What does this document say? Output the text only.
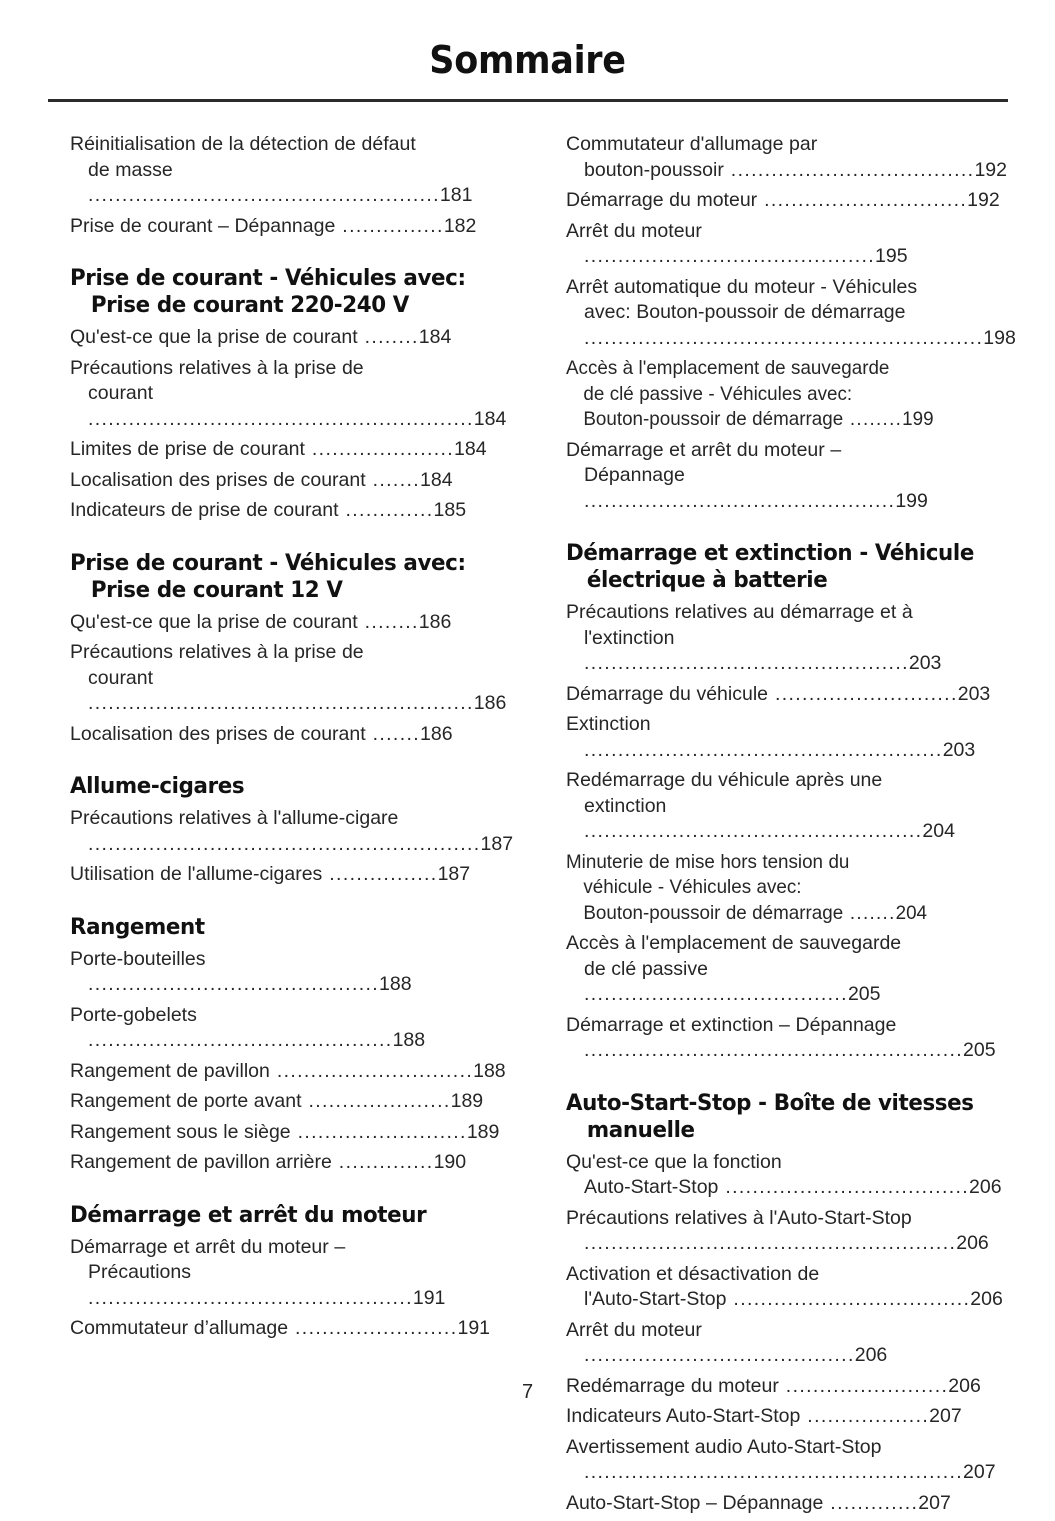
Sommaire
Réinitialisation de la détection de défaut
de masse ....................................................181
Prise de courant – Dépannage ...............182
Prise de courant - Véhicules avec: Prise de courant 220-240 V
Qu'est-ce que la prise de courant ........184
Précautions relatives à la prise de
courant .........................................................184
Limites de prise de courant .....................184
Localisation des prises de courant .......184
Indicateurs de prise de courant .............185
Prise de courant - Véhicules avec: Prise de courant 12 V
Qu'est-ce que la prise de courant ........186
Précautions relatives à la prise de
courant .........................................................186
Localisation des prises de courant .......186
Allume-cigares
Précautions relatives à l'allume-cigare
..........................................................187
Utilisation de l'allume-cigares ................187
Rangement
Porte-bouteilles ...........................................188
Porte-gobelets .............................................188
Rangement de pavillon .............................188
Rangement de porte avant .....................189
Rangement sous le siège .........................189
Rangement de pavillon arrière ..............190
Démarrage et arrêt du moteur
Démarrage et arrêt du moteur –
Précautions ................................................191
Commutateur d’allumage ........................191
Commutateur d'allumage par
bouton-poussoir ....................................192
Démarrage du moteur ..............................192
Arrêt du moteur ...........................................195
Arrêt automatique du moteur - Véhicules
avec: Bouton-poussoir de démarrage
...........................................................198
Accès à l'emplacement de sauvegarde
de clé passive - Véhicules avec:
Bouton-poussoir de démarrage ........199
Démarrage et arrêt du moteur –
Dépannage ..............................................199
Démarrage et extinction - Véhicule électrique à batterie
Précautions relatives au démarrage et à
l'extinction ................................................203
Démarrage du véhicule ...........................203
Extinction .....................................................203
Redémarrage du véhicule après une
extinction ..................................................204
Minuterie de mise hors tension du
véhicule - Véhicules avec:
Bouton-poussoir de démarrage .......204
Accès à l'emplacement de sauvegarde
de clé passive .......................................205
Démarrage et extinction – Dépannage
........................................................205
Auto-Start-Stop - Boîte de vitesses manuelle
Qu'est-ce que la fonction
Auto-Start-Stop ....................................206
Précautions relatives à l'Auto-Start-Stop
.......................................................206
Activation et désactivation de
l'Auto-Start-Stop ...................................206
Arrêt du moteur ........................................206
Redémarrage du moteur ........................206
Indicateurs Auto-Start-Stop ..................207
Avertissement audio Auto-Start-Stop
........................................................207
Auto-Start-Stop – Dépannage .............207
7
